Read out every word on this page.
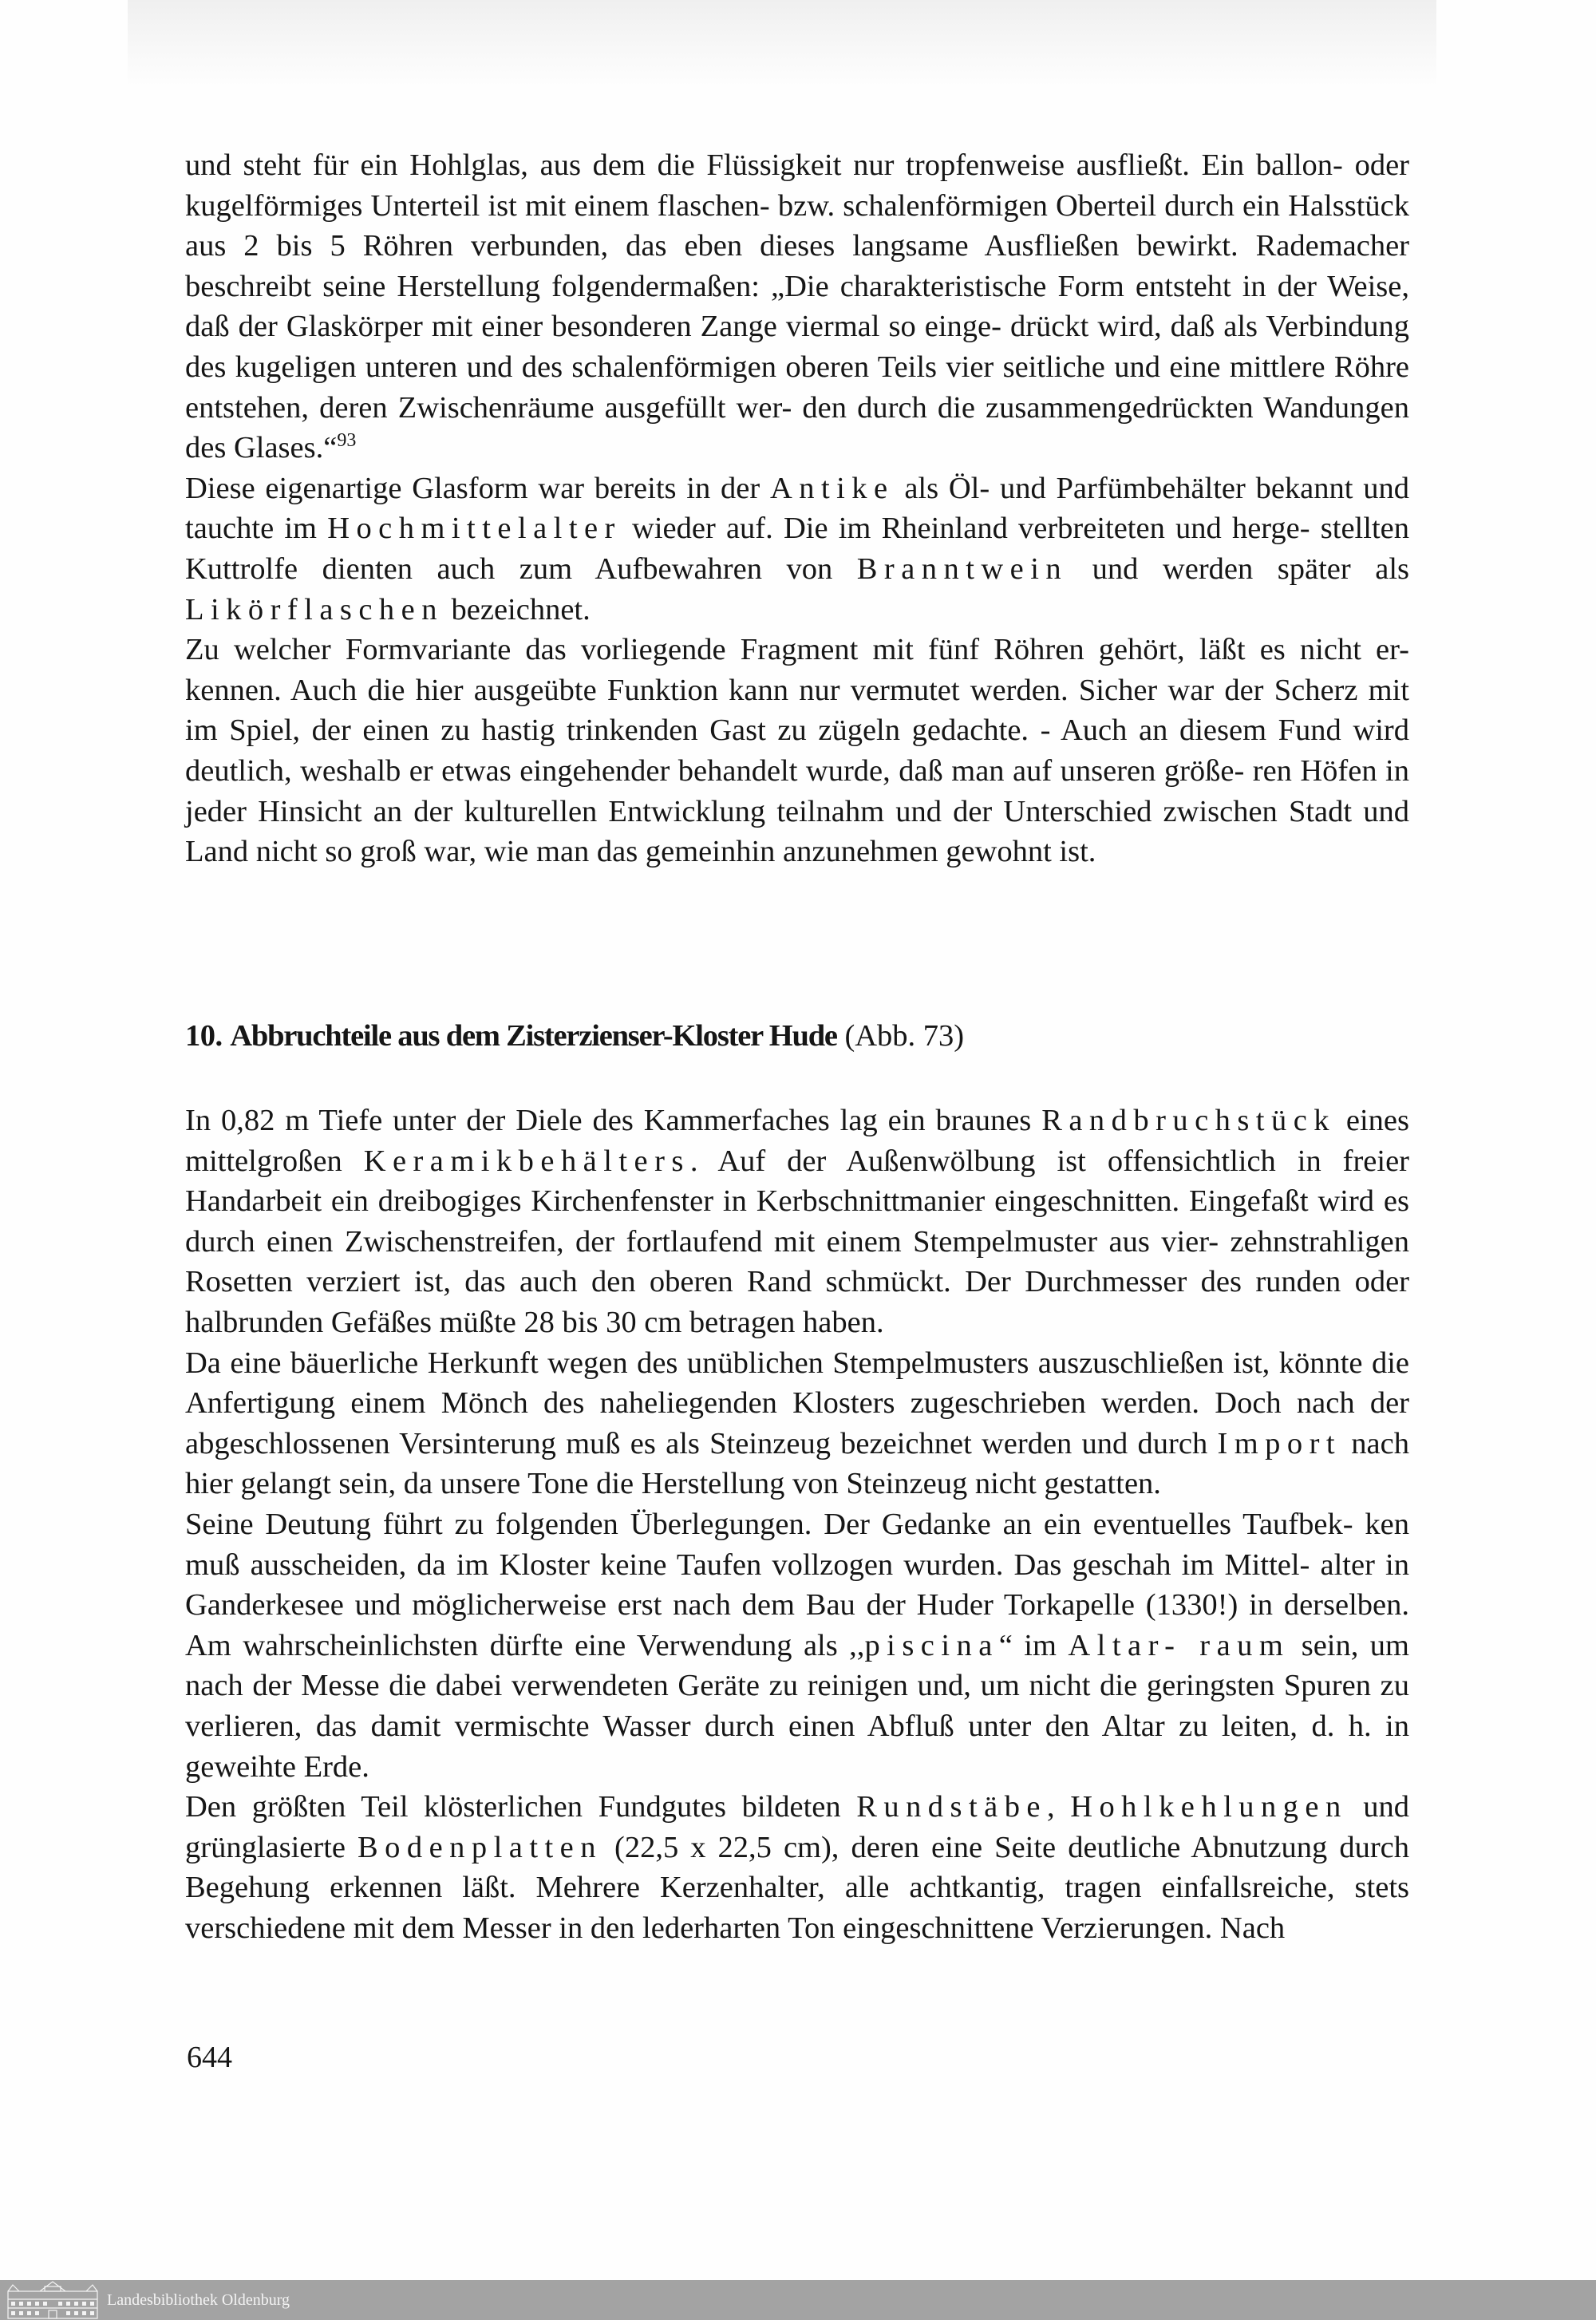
und steht für ein Hohlglas, aus dem die Flüssigkeit nur tropfenweise ausfließt. Ein ballon- oder kugelförmiges Unterteil ist mit einem flaschen- bzw. schalenförmigen Oberteil durch ein Halsstück aus 2 bis 5 Röhren verbunden, das eben dieses langsame Ausfließen bewirkt. Rademacher beschreibt seine Herstellung folgendermaßen: „Die charakteristische Form entsteht in der Weise, daß der Glaskörper mit einer besonderen Zange viermal so einge- drückt wird, daß als Verbindung des kugeligen unteren und des schalenförmigen oberen Teils vier seitliche und eine mittlere Röhre entstehen, deren Zwischenräume ausgefüllt wer- den durch die zusammengedrückten Wandungen des Glases.“$^{93}$

Diese eigenartige Glasform war bereits in der Antike als Öl- und Parfümbehälter bekannt und tauchte im Hochmittelalter wieder auf. Die im Rheinland verbreiteten und herge- stellten Kuttrolfe dienten auch zum Aufbewahren von Branntwein und werden später als Likörflaschen bezeichnet.

Zu welcher Formvariante das vorliegende Fragment mit fünf Röhren gehört, läßt es nicht er- kennen. Auch die hier ausgeübte Funktion kann nur vermutet werden. Sicher war der Scherz mit im Spiel, der einen zu hastig trinkenden Gast zu zügeln gedachte. - Auch an diesem Fund wird deutlich, weshalb er etwas eingehender behandelt wurde, daß man auf unseren größe- ren Höfen in jeder Hinsicht an der kulturellen Entwicklung teilnahm und der Unterschied zwischen Stadt und Land nicht so groß war, wie man das gemeinhin anzunehmen gewohnt ist.

10. Abbruchteile aus dem Zisterzienser-Kloster Hude (Abb. 73)

In 0,82 m Tiefe unter der Diele des Kammerfaches lag ein braunes Randbruchstück eines mittelgroßen Keramikbehälters. Auf der Außenwölbung ist offensichtlich in freier Handarbeit ein dreibogiges Kirchenfenster in Kerbschnittmanier eingeschnitten. Eingefaßt wird es durch einen Zwischenstreifen, der fortlaufend mit einem Stempelmuster aus vier- zehnstrahligen Rosetten verziert ist, das auch den oberen Rand schmückt. Der Durchmesser des runden oder halbrunden Gefäßes müßte 28 bis 30 cm betragen haben.

Da eine bäuerliche Herkunft wegen des unüblichen Stempelmusters auszuschließen ist, könnte die Anfertigung einem Mönch des naheliegenden Klosters zugeschrieben werden. Doch nach der abgeschlossenen Versinterung muß es als Steinzeug bezeichnet werden und durch Import nach hier gelangt sein, da unsere Tone die Herstellung von Steinzeug nicht gestatten.

Seine Deutung führt zu folgenden Überlegungen. Der Gedanke an ein eventuelles Taufbek- ken muß ausscheiden, da im Kloster keine Taufen vollzogen wurden. Das geschah im Mittel- alter in Ganderkesee und möglicherweise erst nach dem Bau der Huder Torkapelle (1330!) in derselben. Am wahrscheinlichsten dürfte eine Verwendung als ,,piscina“ im Altar- raum sein, um nach der Messe die dabei verwendeten Geräte zu reinigen und, um nicht die geringsten Spuren zu verlieren, das damit vermischte Wasser durch einen Abfluß unter den Altar zu leiten, d. h. in geweihte Erde.

Den größten Teil klösterlichen Fundgutes bildeten Rundstäbe, Hohlkehlungen und grünglasierte Bodenplatten (22,5 x 22,5 cm), deren eine Seite deutliche Abnutzung durch Begehung erkennen läßt. Mehrere Kerzenhalter, alle achtkantig, tragen einfallsreiche, stets verschiedene mit dem Messer in den lederharten Ton eingeschnittene Verzierungen. Nach

644
Landesbibliothek Oldenburg
